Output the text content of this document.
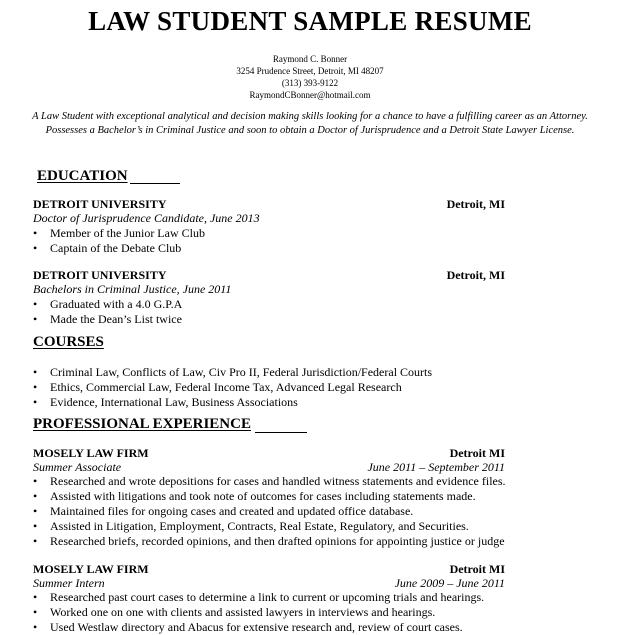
LAW STUDENT SAMPLE RESUME
Raymond C. Bonner
3254 Prudence Street, Detroit, MI 48207
(313) 393-9122
RaymondCBonner@hotmail.com
A Law Student with exceptional analytical and decision making skills looking for a chance to have a fulfilling career as an Attorney. Possesses a Bachelor’s in Criminal Justice and soon to obtain a Doctor of Jurisprudence and a Detroit State Lawyer License.
EDUCATION
DETROIT UNIVERSITY	Detroit, MI
Doctor of Jurisprudence Candidate, June 2013
• Member of the Junior Law Club
• Captain of the Debate Club
DETROIT UNIVERSITY	Detroit, MI
Bachelors in Criminal Justice, June 2011
• Graduated with a 4.0 G.P.A
• Made the Dean’s List twice
COURSES
• Criminal Law, Conflicts of Law, Civ Pro II, Federal Jurisdiction/Federal Courts
• Ethics, Commercial Law, Federal Income Tax, Advanced Legal Research
• Evidence, International Law, Business Associations
PROFESSIONAL EXPERIENCE
MOSELY LAW FIRM	Detroit MI
Summer Associate	June 2011 – September 2011
• Researched and wrote depositions for cases and handled witness statements and evidence files.
• Assisted with litigations and took note of outcomes for cases including statements made.
• Maintained files for ongoing cases and created and updated office database.
• Assisted in Litigation, Employment, Contracts, Real Estate, Regulatory, and Securities.
• Researched briefs, recorded opinions, and then drafted opinions for appointing justice or judge
MOSELY LAW FIRM	Detroit MI
Summer Intern	June 2009 – June 2011
• Researched past court cases to determine a link to current or upcoming trials and hearings.
• Worked one on one with clients and assisted lawyers in interviews and hearings.
• Used Westlaw directory and Abacus for extensive research and, review of court cases.
